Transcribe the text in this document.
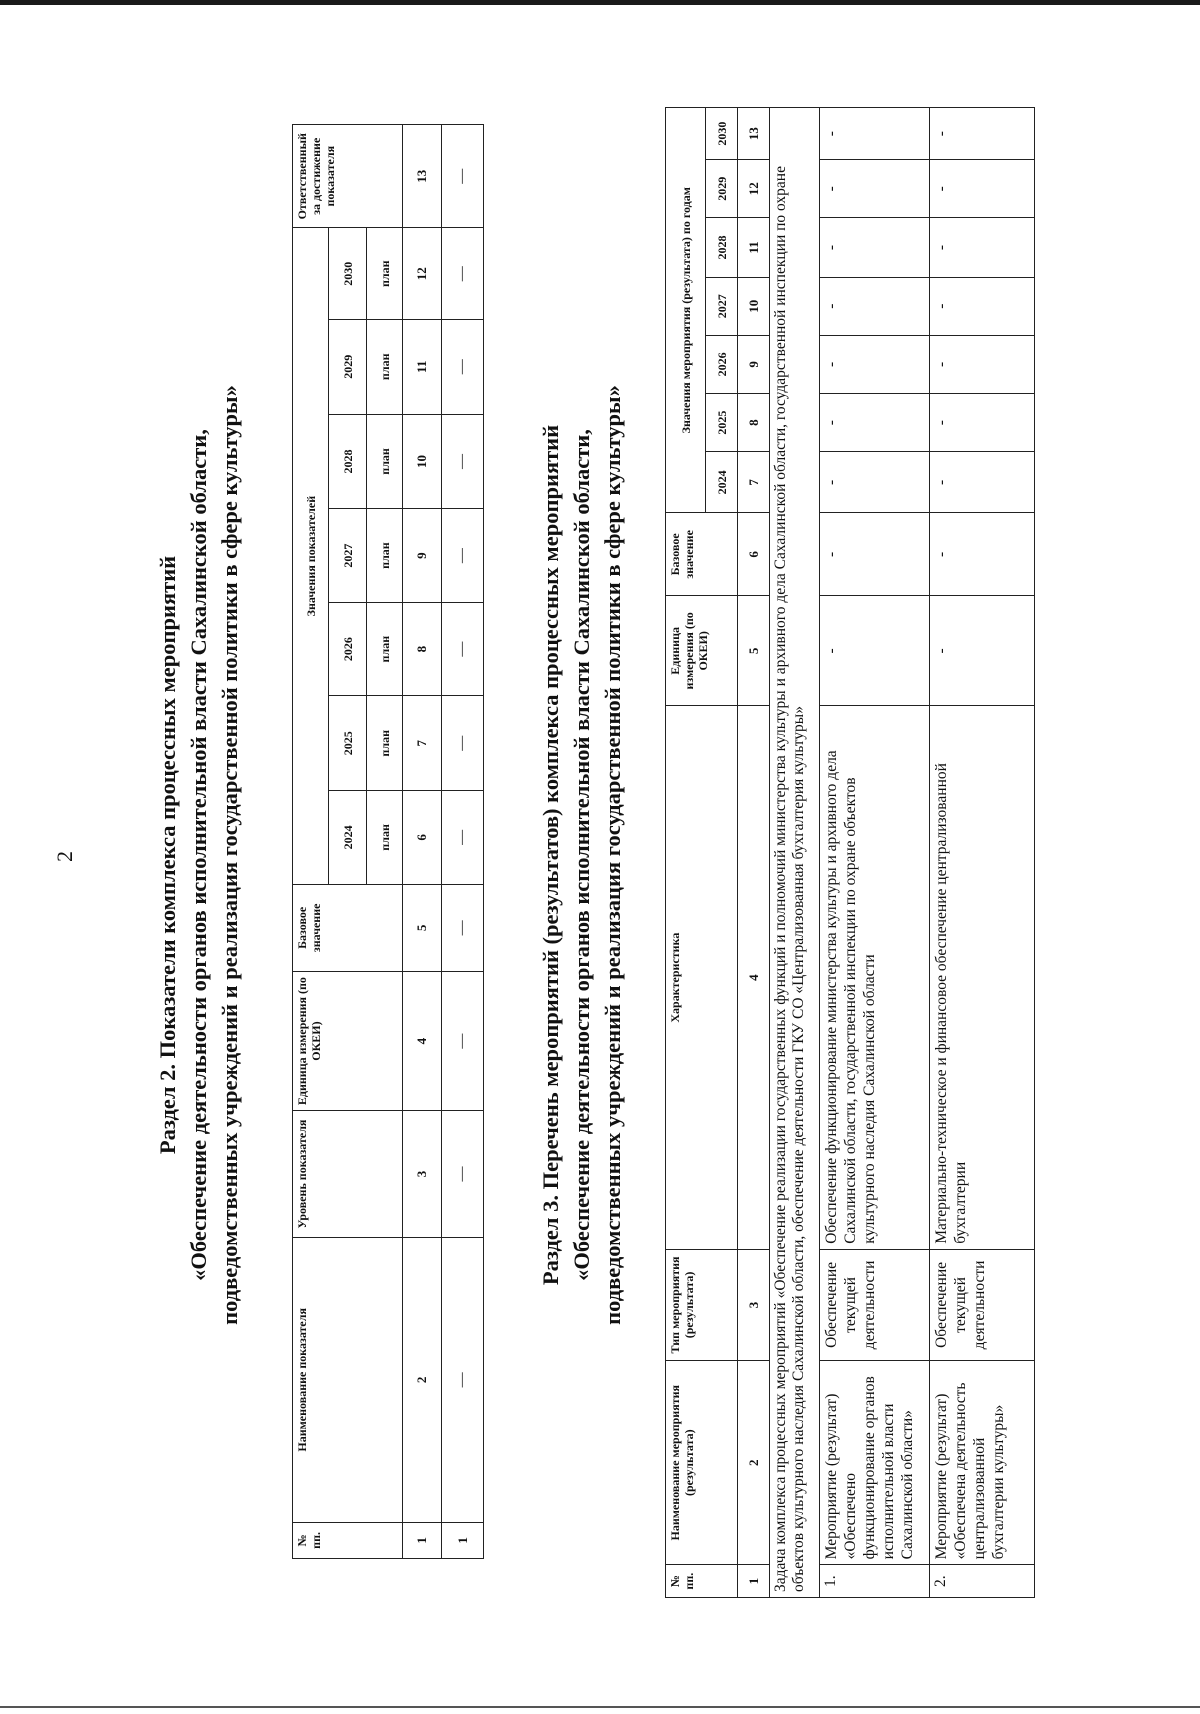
2	Раздел 2. Показатели комплекса процессных мероприятий «Обеспечение деятельности органов исполнительной власти Сахалинской области, подведомственных учреждений и реализация государственной политики в сфере культуры»
№ пп.	Наименование показателя	Уровень показателя	Единица измерения (по ОКЕИ)	Базовое значение	Значения показателей							Ответственный за достижение показателя
					2024	2025	2026	2027	2028	2029	2030	
					план	план	план	план	план	план	план	
1	2	3	4	5	6	7	8	9	10	11	12	13
1	—	—	—	—	—	—	—	—	—	—	—	—
Раздел 3. Перечень мероприятий (результатов) комплекса процессных мероприятий «Обеспечение деятельности органов исполнительной власти Сахалинской области, подведомственных учреждений и реализация государственной политики в сфере культуры»
№ пп.	Наименование мероприятия (результата)	Тип мероприятия (результата)	Характеристика	Единица измерения (по ОКЕИ)	Базовое значение	Значения мероприятия (результата) по годам						
						2024	2025	2026	2027	2028	2029	2030
1	2	3	4	5	6	7	8	9	10	11	12	13
Задача комплекса процессных мероприятий «Обеспечение реализации государственных функций и полномочий министерства культуры и архивного дела Сахалинской области, государственной инспекции по охране объектов культурного наследия Сахалинской области, обеспечение деятельности ГКУ СО «Централизованная бухгалтерия культуры»												
1.	Мероприятие (результат) «Обеспечено функционирование органов исполнительной власти Сахалинской области»	Обеспечение текущей деятельности	Обеспечение функционирование министерства культуры и архивного дела Сахалинской области, государственной инспекции по охране объектов культурного наследия Сахалинской области	-	-	-	-	-	-	-	-	-
2.	Мероприятие (результат) «Обеспечена деятельность централизованной бухгалтерии культуры»	Обеспечение текущей деятельности	Материально-техническое и финансовое обеспечение централизованной бухгалтерии	-	-	-	-	-	-	-	-	-
